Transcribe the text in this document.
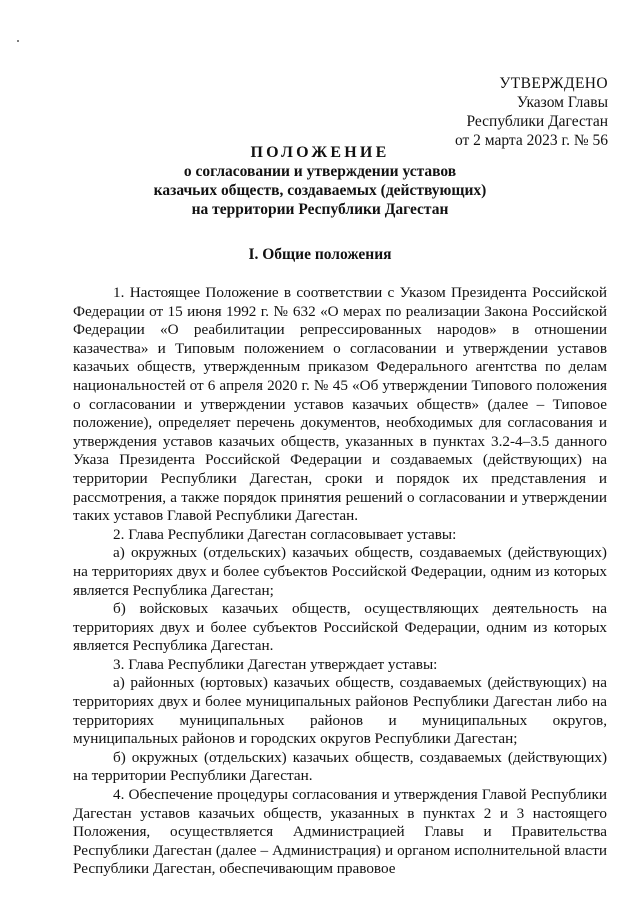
УТВЕРЖДЕНО
Указом Главы
Республики Дагестан
от 2 марта 2023 г. № 56
ПОЛОЖЕНИЕ
о согласовании и утверждении уставов
казачьих обществ, создаваемых (действующих)
на территории Республики Дагестан
I. Общие положения

1. Настоящее Положение в соответствии с Указом Президента Российской Федерации от 15 июня 1992 г. № 632 «О мерах по реализации Закона Российской Федерации «О реабилитации репрессированных народов» в отношении казачества» и Типовым положением о согласовании и утверждении уставов казачьих обществ, утвержденным приказом Федерального агентства по делам национальностей от 6 апреля 2020 г. № 45 «Об утверждении Типового положения о согласовании и утверждении уставов казачьих обществ» (далее – Типовое положение), определяет перечень документов, необходимых для согласования и утверждения уставов казачьих обществ, указанных в пунктах 3.2-4–3.5 данного Указа Президента Российской Федерации и создаваемых (действующих) на территории Республики Дагестан, сроки и порядок их представления и рассмотрения, а также порядок принятия решений о согласовании и утверждении таких уставов Главой Республики Дагестан.

2. Глава Республики Дагестан согласовывает уставы:

а) окружных (отдельских) казачьих обществ, создаваемых (действующих) на территориях двух и более субъектов Российской Федерации, одним из которых является Республика Дагестан;

б) войсковых казачьих обществ, осуществляющих деятельность на территориях двух и более субъектов Российской Федерации, одним из которых является Республика Дагестан.

3. Глава Республики Дагестан утверждает уставы:

а) районных (юртовых) казачьих обществ, создаваемых (действующих) на территориях двух и более муниципальных районов Республики Дагестан либо на территориях муниципальных районов и муниципальных округов, муниципальных районов и городских округов Республики Дагестан;

б) окружных (отдельских) казачьих обществ, создаваемых (действующих) на территории Республики Дагестан.

4. Обеспечение процедуры согласования и утверждения Главой Республики Дагестан уставов казачьих обществ, указанных в пунктах 2 и 3 настоящего Положения, осуществляется Администрацией Главы и Правительства Республики Дагестан (далее – Администрация) и органом исполнительной власти Республики Дагестан, обеспечивающим правовое
